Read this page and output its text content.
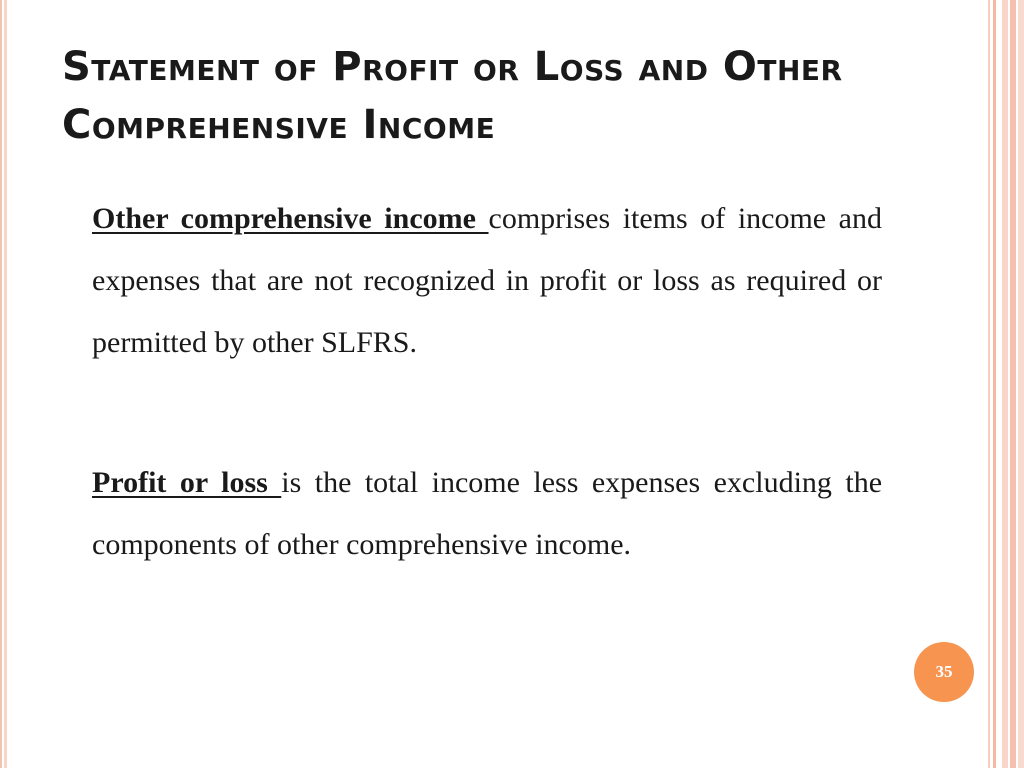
Statement of Profit or Loss and Other Comprehensive Income

Other comprehensive income comprises items of income and expenses that are not recognized in profit or loss as required or permitted by other SLFRS.

Profit or loss is the total income less expenses excluding the components of other comprehensive income.

35
